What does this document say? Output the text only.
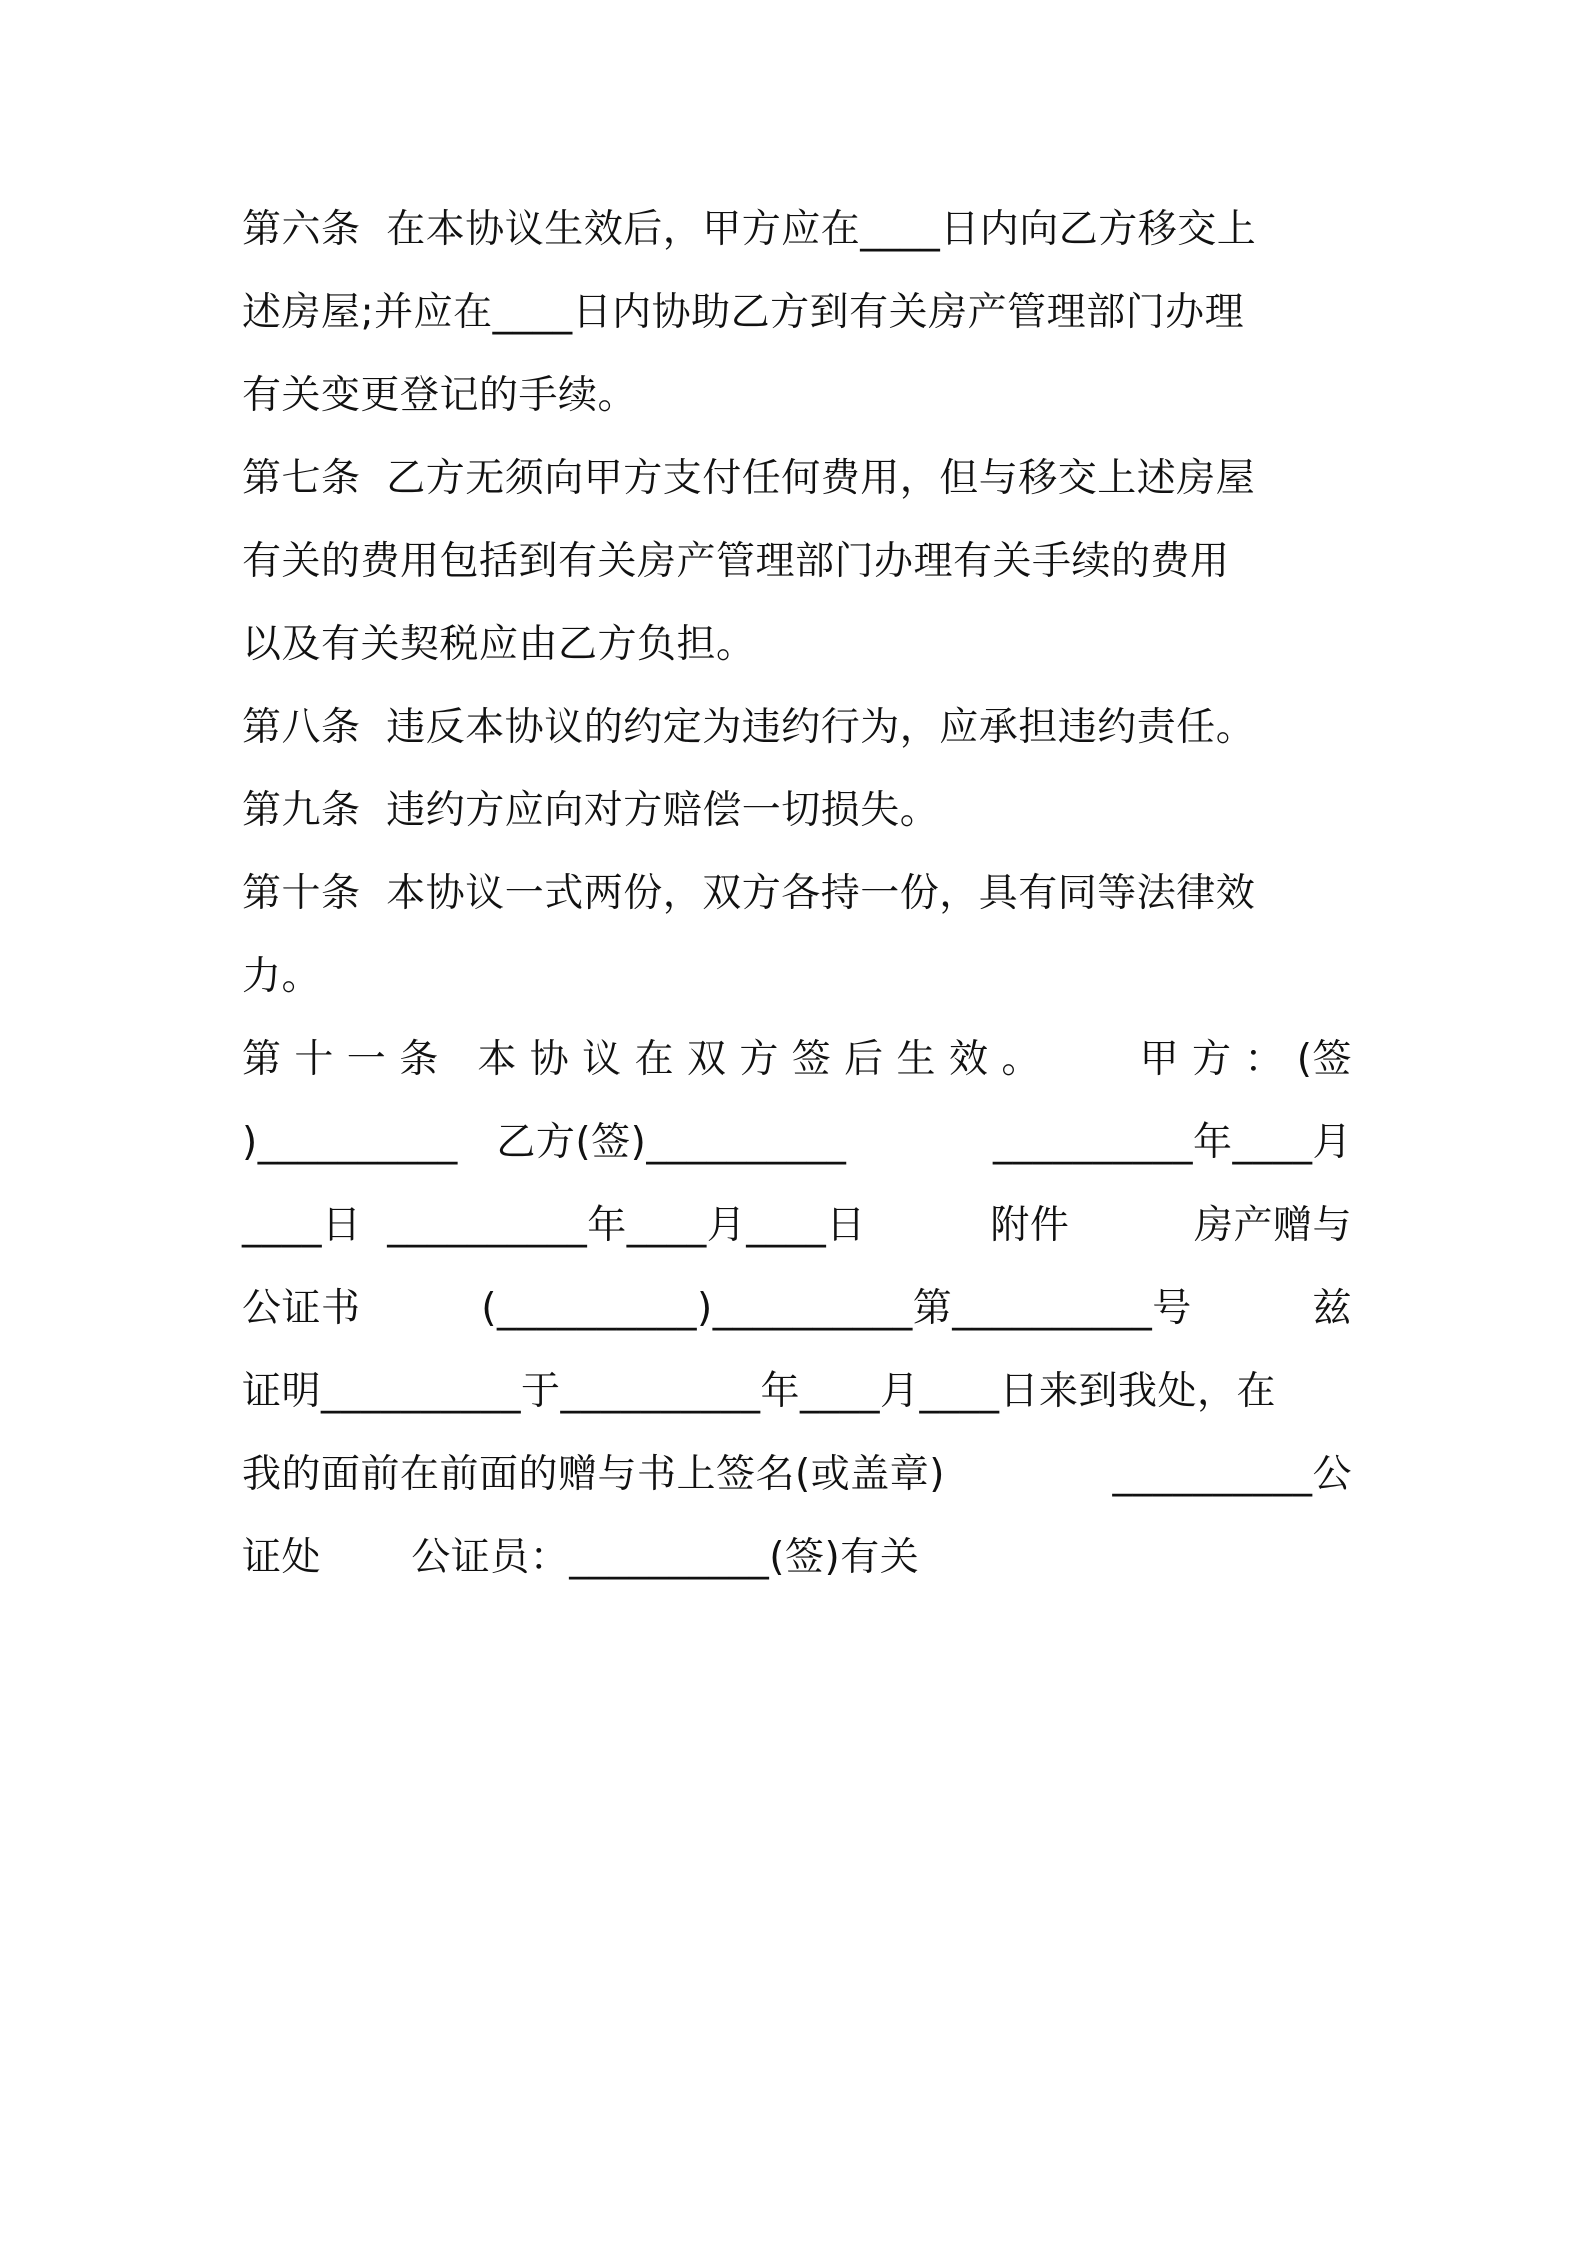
第六条  在本协议生效后，甲方应在____日内向乙方移交上
述房屋;并应在____日内协助乙方到有关房产管理部门办理
有关变更登记的手续。
第七条  乙方无须向甲方支付任何费用，但与移交上述房屋
有关的费用包括到有关房产管理部门办理有关手续的费用
以及有关契税应由乙方负担。
第八条  违反本协议的约定为违约行为，应承担违约责任。
第九条  违约方应向对方赔偿一切损失。
第十条  本协议一式两份，双方各持一份，具有同等法律效
力。
第 十 一 条   本 协 议 在 双 方 签 后 生 效 。	甲 方 ： (签
)__________   乙方(签)__________	__________年____月
____日  __________年____月____日	附件	房产赠与
公证书	(__________)__________第__________号	兹
证明__________于__________年____月____日来到我处，在
我的面前在前面的赠与书上签名(或盖章)	__________公
证处       公证员：__________(签)有关
